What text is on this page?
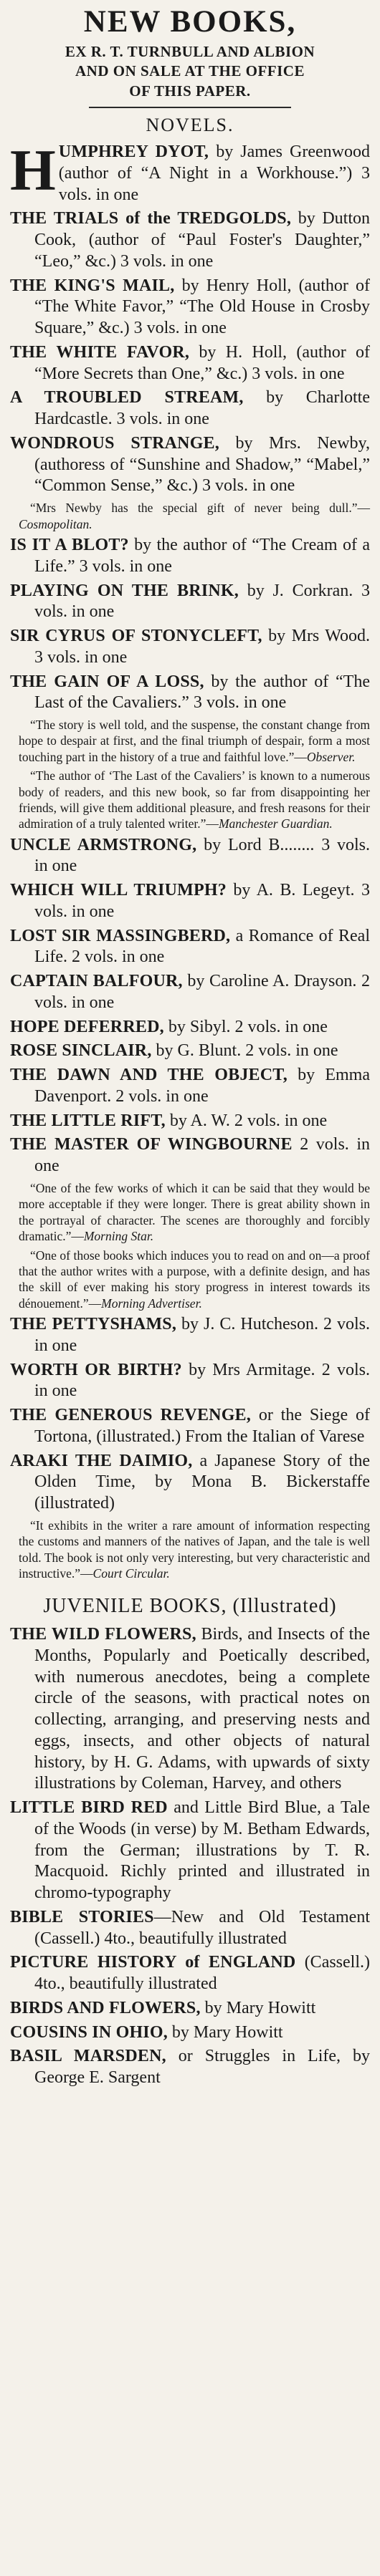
NEW BOOKS,
EX R. T. TURNBULL AND ALBION
AND ON SALE AT THE OFFICE
OF THIS PAPER.
NOVELS.

HUMPHREY DYOT, by James Greenwood (author of “A Night in a Workhouse.”) 3 vols. in one

THE TRIALS of the TREDGOLDS, by Dutton Cook, (author of “Paul Foster's Daughter,” “Leo,” &c.) 3 vols. in one

THE KING'S MAIL, by Henry Holl, (author of “The White Favor,” “The Old House in Crosby Square,” &c.) 3 vols. in one

THE WHITE FAVOR, by H. Holl, (author of “More Secrets than One,” &c.) 3 vols. in one

A TROUBLED STREAM, by Charlotte Hardcastle. 3 vols. in one

WONDROUS STRANGE, by Mrs. Newby, (authoress of “Sunshine and Shadow,” “Mabel,” “Common Sense,” &c.) 3 vols. in one

“Mrs Newby has the special gift of never being dull.”—Cosmopolitan.

IS IT A BLOT? by the author of “The Cream of a Life.” 3 vols. in one

PLAYING ON THE BRINK, by J. Corkran. 3 vols. in one

SIR CYRUS OF STONYCLEFT, by Mrs Wood. 3 vols. in one

THE GAIN OF A LOSS, by the author of “The Last of the Cavaliers.” 3 vols. in one

“The story is well told, and the suspense, the constant change from hope to despair at first, and the final triumph of despair, form a most touching part in the history of a true and faithful love.”—Observer.

“The author of ‘The Last of the Cavaliers’ is known to a numerous body of readers, and this new book, so far from disappointing her friends, will give them additional pleasure, and fresh reasons for their admiration of a truly talented writer.”—Manchester Guardian.

UNCLE ARMSTRONG, by Lord B........ 3 vols. in one

WHICH WILL TRIUMPH? by A. B. Legeyt. 3 vols. in one

LOST SIR MASSINGBERD, a Romance of Real Life. 2 vols. in one

CAPTAIN BALFOUR, by Caroline A. Drayson. 2 vols. in one

HOPE DEFERRED, by Sibyl. 2 vols. in one

ROSE SINCLAIR, by G. Blunt. 2 vols. in one

THE DAWN AND THE OBJECT, by Emma Davenport. 2 vols. in one

THE LITTLE RIFT, by A. W. 2 vols. in one

THE MASTER OF WINGBOURNE 2 vols. in one

“One of the few works of which it can be said that they would be more acceptable if they were longer. There is great ability shown in the portrayal of character. The scenes are thoroughly and forcibly dramatic.”—Morning Star.

“One of those books which induces you to read on and on—a proof that the author writes with a purpose, with a definite design, and has the skill of ever making his story progress in interest towards its dénouement.”—Morning Advertiser.

THE PETTYSHAMS, by J. C. Hutcheson. 2 vols. in one

WORTH OR BIRTH? by Mrs Armitage. 2 vols. in one

THE GENEROUS REVENGE, or the Siege of Tortona, (illustrated.) From the Italian of Varese

ARAKI THE DAIMIO, a Japanese Story of the Olden Time, by Mona B. Bickerstaffe (illustrated)

“It exhibits in the writer a rare amount of information respecting the customs and manners of the natives of Japan, and the tale is well told. The book is not only very interesting, but very characteristic and instructive.”—Court Circular.

JUVENILE BOOKS, (Illustrated)

THE WILD FLOWERS, Birds, and Insects of the Months, Popularly and Poetically described, with numerous anecdotes, being a complete circle of the seasons, with practical notes on collecting, arranging, and preserving nests and eggs, insects, and other objects of natural history, by H. G. Adams, with upwards of sixty illustrations by Coleman, Harvey, and others

LITTLE BIRD RED and Little Bird Blue, a Tale of the Woods (in verse) by M. Betham Edwards, from the German; illustrations by T. R. Macquoid. Richly printed and illustrated in chromo-typography

BIBLE STORIES—New and Old Testament (Cassell.) 4to., beautifully illustrated

PICTURE HISTORY of ENGLAND (Cassell.) 4to., beautifully illustrated

BIRDS AND FLOWERS, by Mary Howitt

COUSINS IN OHIO, by Mary Howitt

BASIL MARSDEN, or Struggles in Life, by George E. Sargent
